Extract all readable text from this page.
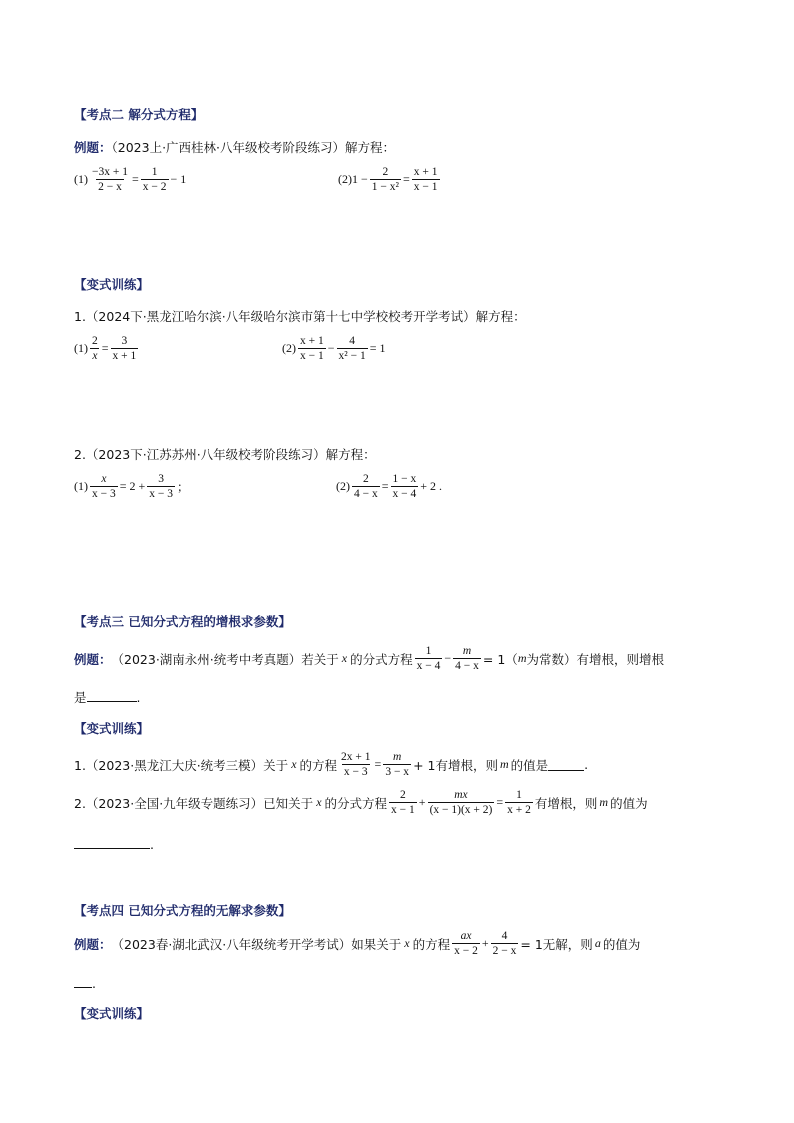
【考点二 解分式方程】
例题：（2023上·广西桂林·八年级校考阶段练习）解方程：
$(1) \frac{-3x + 1}{2 - x} = \frac{1}{x - 2} - 1$	(2) $1 - \frac{2}{\text{1 − x²}} = \frac{x + 1}{x - 1}$
【变式训练】
1.（2024下·黑龙江哈尔滨·八年级哈尔滨市第十七中学校校考开学考试）解方程：
$(1) \frac{2}{x} = \frac{3}{x + 1}$	$(2) \frac{x + 1}{x - 1} - \frac{4}{\text{x² − 1}} = 1$
2.（2023下·江苏苏州·八年级校考阶段练习）解方程：
$(1) \frac{x}{x - 3} = 2 + \frac{3}{x - 3}$ ；	$(2) \frac{2}{4 - x} = \frac{1 - x}{x - 4} + 2$ .
【考点三 已知分式方程的增根求参数】
例题： （2023·湖南永州·统考中考真题）若关于 x 的分式方程 $\frac{1}{x - 4} - \frac{m}{4 - x} = 1$（ m 为常数）有增根，则增根
是	.
【变式训练】
1.（2023·黑龙江大庆·统考三模）关于 x 的方程 $\frac{2x + 1}{x - 3} = \frac{m}{3 - x} + 1$有增根，则 m 的值是	.
2.（2023·全国·九年级专题练习）已知关于 x 的分式方程 $\frac{2}{x - 1} + \frac{mx}{(x - 1)(x + 2)} = \frac{1}{x + 2}$ 有增根，则 m 的值为
.
【考点四 已知分式方程的无解求参数】
例题： （2023春·湖北武汉·八年级统考开学考试）如果关于 x 的方程 $\frac{ax}{x - 2} + \frac{4}{2 - x} = 1$无解，则 a 的值为
.
【变式训练】
